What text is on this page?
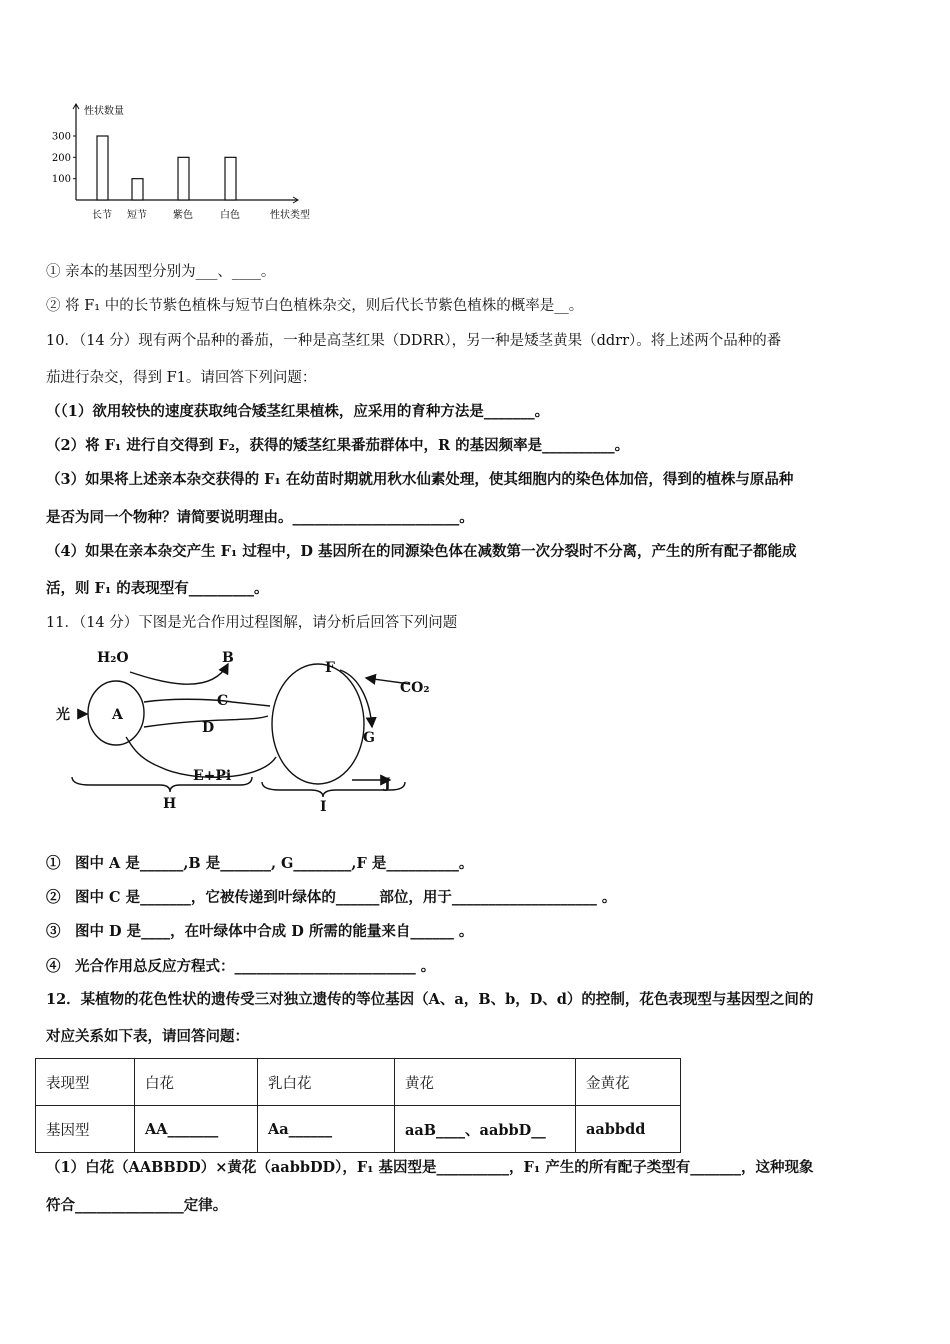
性状数量
300
200
100
长节 短节	紫色	白色	性状类型
① 亲本的基因型分别为___、____。
② 将 F₁ 中的长节紫色植株与短节白色植株杂交，则后代长节紫色植株的概率是__。
10．（14 分）现有两个品种的番茄，一种是高茎红果（DDRR），另一种是矮茎黄果（ddrr）。将上述两个品种的番
茄进行杂交，得到 F1。请回答下列问题：
（（1）欲用较快的速度获取纯合矮茎红果植株，应采用的育种方法是_______。
（2）将 F₁ 进行自交得到 F₂，获得的矮茎红果番茄群体中，R 的基因频率是__________。
（3）如果将上述亲本杂交获得的 F₁ 在幼苗时期就用秋水仙素处理，使其细胞内的染色体加倍，得到的植株与原品种
是否为同一个物种？请简要说明理由。_______________________。
（4）如果在亲本杂交产生 F₁ 过程中，D 基因所在的同源染色体在减数第一次分裂时不分离，产生的所有配子都能成
活，则 F₁ 的表现型有_________。
11．（14 分）下图是光合作用过程图解，请分析后回答下列问题
H₂O	B
光	A
C
D
E+Pi
H
F
CO₂
G
J
I
①　图中 A 是______,B 是_______, G________,F 是__________。
②　图中 C 是_______，它被传递到叶绿体的______部位，用于____________________ 。
③　图中 D 是____，在叶绿体中合成 D 所需的能量来自______ 。
④　光合作用总反应方程式：_________________________ 。
12．某植物的花色性状的遗传受三对独立遗传的等位基因（A、a，B、b，D、d）的控制，花色表现型与基因型之间的
对应关系如下表，请回答问题：
表现型	白花	乳白花	黄花	金黄花
基因型	AA_______	Aa______	aaB____、aabbD__	aabbdd
（1）白花（AABBDD）×黄花（aabbDD），F₁ 基因型是__________，F₁ 产生的所有配子类型有_______，这种现象
符合_______________定律。
